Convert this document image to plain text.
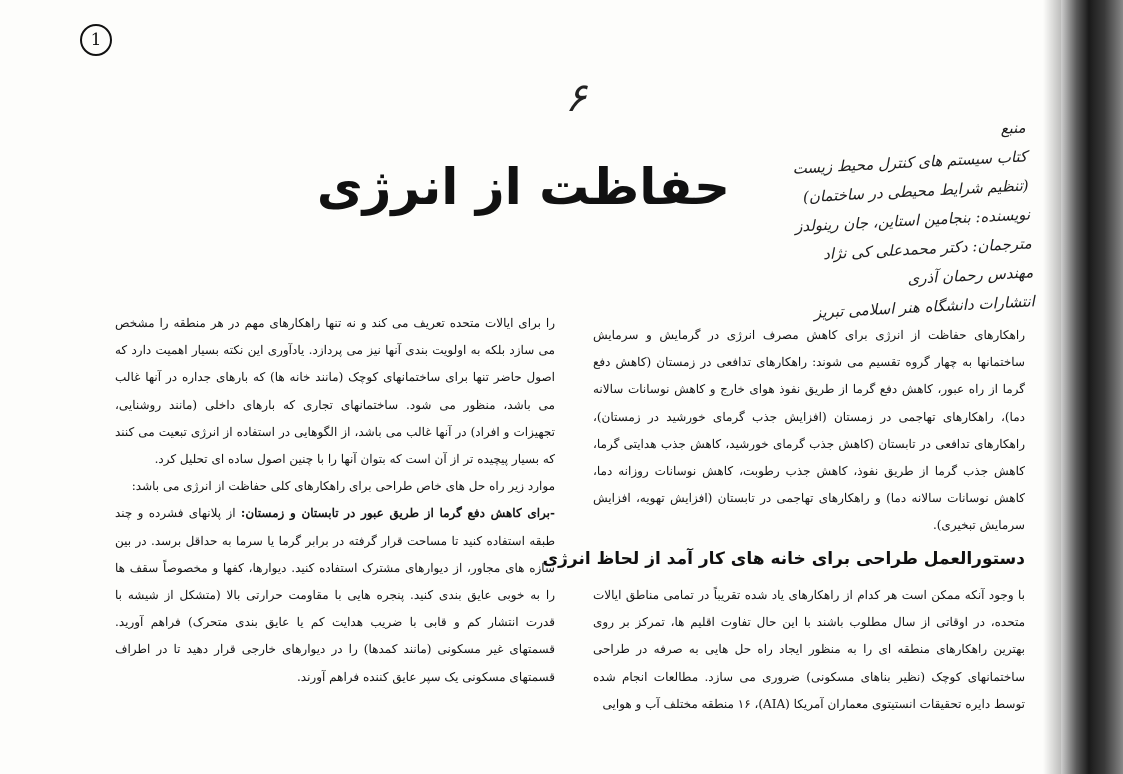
1
۶
حفاظت از انرژی
منبع
کتاب سیستم های کنترل محیط زیست
(تنظیم شرایط محیطی در ساختمان)
نویسنده: بنجامین استاین، جان رینولدز
مترجمان: دکتر محمدعلی کی نژاد
مهندس رحمان آذری
انتشارات دانشگاه هنر اسلامی تبریز
راهکارهای حفاظت از انرژی برای کاهش مصرف انرژی در گرمایش و سرمایش ساختمانها به چهار گروه تقسیم می شوند: راهکارهای تدافعی در زمستان (کاهش دفع گرما از راه عبور، کاهش دفع گرما از طریق نفوذ هوای خارج و کاهش نوسانات سالانه دما)، راهکارهای تهاجمی در زمستان (افزایش جذب گرمای خورشید در زمستان)، راهکارهای تدافعی در تابستان (کاهش جذب گرمای خورشید، کاهش جذب هدایتی گرما، کاهش جذب گرما از طریق نفوذ، کاهش جذب رطوبت، کاهش نوسانات روزانه دما، کاهش نوسانات سالانه دما) و راهکارهای تهاجمی در تابستان (افزایش تهویه، افزایش سرمایش تبخیری).
دستورالعمل طراحی برای خانه های کار آمد از لحاظ انرژی
با وجود آنکه ممکن است هر کدام از راهکارهای یاد شده تقریباً در تمامی مناطق ایالات متحده، در اوقاتی از سال مطلوب باشند با این حال تفاوت اقلیم ها، تمرکز بر روی بهترین راهکارهای منطقه ای را به منظور ایجاد راه حل هایی به صرفه در طراحی ساختمانهای کوچک (نظیر بناهای مسکونی) ضروری می سازد. مطالعات انجام شده توسط دایره تحقیقات انستیتوی معماران آمریکا (AIA)، ۱۶ منطقه مختلف آب و هوایی
را برای ایالات متحده تعریف می کند و نه تنها راهکارهای مهم در هر منطقه را مشخص می سازد بلکه به اولویت بندی آنها نیز می پردازد. یادآوری این نکته بسیار اهمیت دارد که اصول حاضر تنها برای ساختمانهای کوچک (مانند خانه ها) که بارهای جداره در آنها غالب می باشد، منظور می شود. ساختمانهای تجاری که بارهای داخلی (مانند روشنایی، تجهیزات و افراد) در آنها غالب می باشد، از الگوهایی در استفاده از انرژی تبعیت می کنند که بسیار پیچیده تر از آن است که بتوان آنها را با چنین اصول ساده ای تحلیل کرد.
موارد زیر راه حل های خاص طراحی برای راهکارهای کلی حفاظت از انرژی می باشد:
-برای کاهش دفع گرما از طریق عبور در تابستان و زمستان: از پلانهای فشرده و چند طبقه استفاده کنید تا مساحت قرار گرفته در برابر گرما یا سرما به حداقل برسد. در بین سازه های مجاور، از دیوارهای مشترک استفاده کنید. دیوارها، کفها و مخصوصاً سقف ها را به خوبی عایق بندی کنید. پنجره هایی با مقاومت حرارتی بالا (متشکل از شیشه با قدرت انتشار کم و قابی با ضریب هدایت کم یا عایق بندی متحرک) فراهم آورید. قسمتهای غیر مسکونی (مانند کمدها) را در دیوارهای خارجی قرار دهید تا در اطراف قسمتهای مسکونی یک سپر عایق کننده فراهم آورند.
